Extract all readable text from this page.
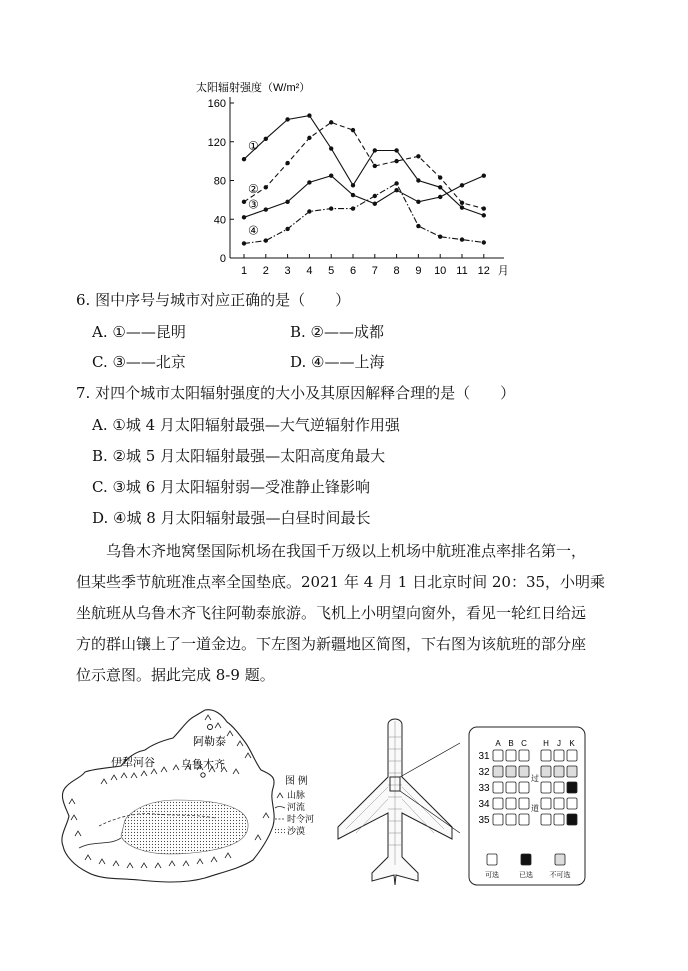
太阳辐射强度（W/m²）
0
40
80
120
160
1 2 3 4 5 6 7 8 9 10 11 12 月
①
②
③
④
6. 图中序号与城市对应正确的是（　　）
A. ①——昆明	B. ②——成都
C. ③——北京	D. ④——上海
7. 对四个城市太阳辐射强度的大小及其原因解释合理的是（　　）
A. ①城 4 月太阳辐射最强—大气逆辐射作用强
B. ②城 5 月太阳辐射最强—太阳高度角最大
C. ③城 6 月太阳辐射弱—受准静止锋影响
D. ④城 8 月太阳辐射最强—白昼时间最长
　　乌鲁木齐地窝堡国际机场在我国千万级以上机场中航班准点率排名第一，
但某些季节航班准点率全国垫底。2021 年 4 月 1 日北京时间 20：35，小明乘
坐航班从乌鲁木齐飞往阿勒泰旅游。飞机上小明望向窗外，看见一轮红日给远
方的群山镶上了一道金边。下左图为新疆地区简图，下右图为该航班的部分座
位示意图。据此完成 8-9 题。
阿勒泰
伊犁河谷 乌鲁木齐
图 例
山脉
河流
时令河
沙漠
A B C H J K
31
32
33
34
35
过
道
可选	已选 不可选
